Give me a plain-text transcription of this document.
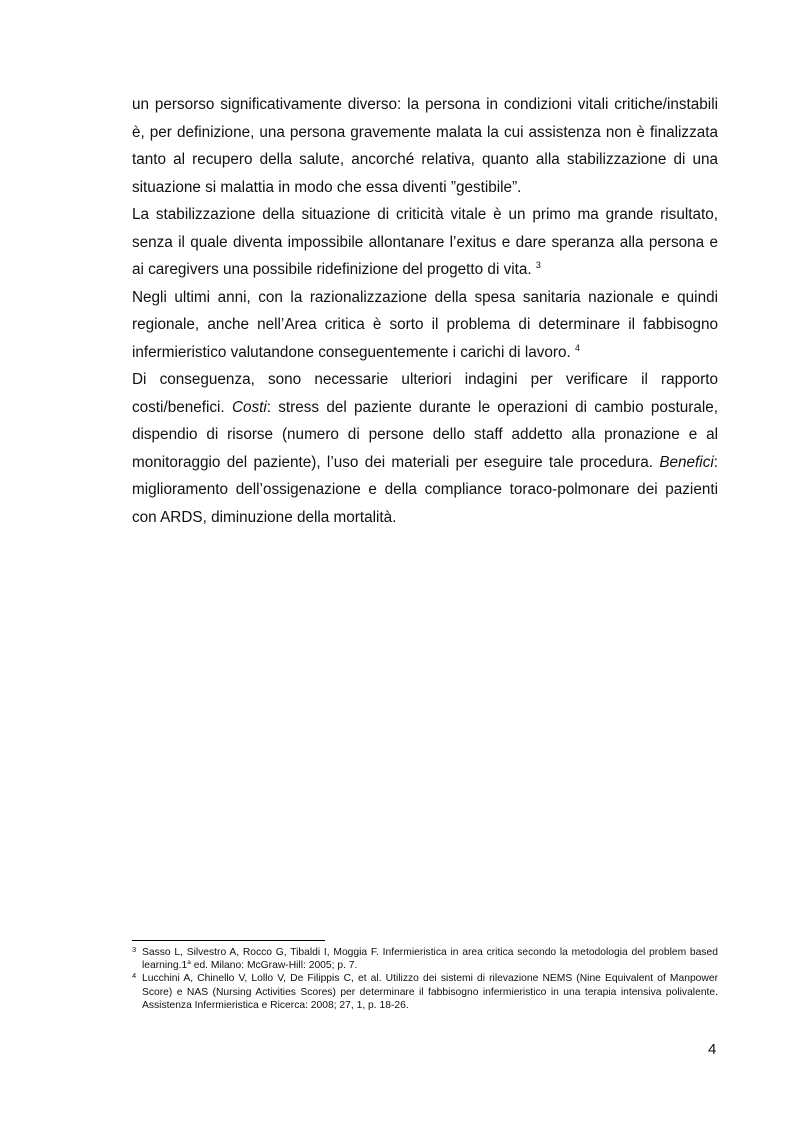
un persorso significativamente diverso: la persona in condizioni vitali critiche/instabili è, per definizione, una persona gravemente malata la cui assistenza non è finalizzata tanto al recupero della salute, ancorché relativa, quanto alla stabilizzazione di una situazione si malattia in modo che essa diventi ”gestibile”.

La stabilizzazione della situazione di criticità vitale è un primo ma grande risultato, senza il quale diventa impossibile allontanare l’exitus e dare speranza alla persona e ai caregivers una possibile ridefinizione del progetto di vita. $^3$

Negli ultimi anni, con la razionalizzazione della spesa sanitaria nazionale e quindi regionale, anche nell’Area critica è sorto il problema di determinare il fabbisogno infermieristico valutandone conseguentemente i carichi di lavoro. $^4$

Di conseguenza, sono necessarie ulteriori indagini per verificare il rapporto costi/benefici. Costi: stress del paziente durante le operazioni di cambio posturale, dispendio di risorse (numero di persone dello staff addetto alla pronazione e al monitoraggio del paziente), l’uso dei materiali per eseguire tale procedura. Benefici: miglioramento dell’ossigenazione e della compliance toraco-polmonare dei pazienti con ARDS, diminuzione della mortalità.

3 Sasso L, Silvestro A, Rocco G, Tibaldi I, Moggia F. Infermieristica in area critica secondo la metodologia del problem based learning.1$^a$ ed. Milano: McGraw-Hill: 2005; p. 7.

4 Lucchini A, Chinello V, Lollo V, De Filippis C, et al. Utilizzo dei sistemi di rilevazione NEMS (Nine Equivalent of Manpower Score) e NAS (Nursing Activities Scores) per determinare il fabbisogno infermieristico in una terapia intensiva polivalente. Assistenza Infermieristica e Ricerca: 2008; 27, 1, p. 18-26.

4
